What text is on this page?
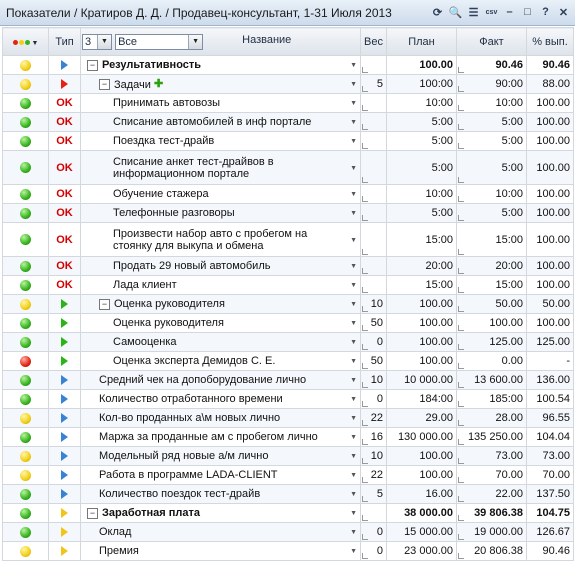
Показатели / Кратиров Д. Д. / Продавец-консультант, 1-31 Июля 2013	⟳ 🔍 ☰	csv –	□	? ✕
▼	Тип	3 ▼ Все ▼ Название	Вес	План	Факт	% вып.
		− Результативность ▼		100.00	90.46	90.46
		− Задачи ✚ ▼	5	100:00	90:00	88.00
	OK	Принимать автовозы ▼		10:00	10:00	100.00
	OK	Списание автомобилей в инф портале ▼		5:00	5:00	100.00
	OK	Поездка тест-драйв ▼		5:00	5:00	100.00
	OK	Списание анкет тест-драйвов в информационном портале ▼		5:00	5:00	100.00
	OK	Обучение стажера ▼		10:00	10:00	100.00
	OK	Телефонные разговоры ▼		5:00	5:00	100.00
	OK	Произвести набор авто с пробегом на стоянку для выкупа и обмена ▼		15:00	15:00	100.00
	OK	Продать 29 новый автомобиль ▼		20:00	20:00	100.00
	OK	Лада клиент ▼		15:00	15:00	100.00
		− Оценка руководителя ▼	10	100.00	50.00	50.00
		Оценка руководителя ▼	50	100.00	100.00	100.00
		Самооценка ▼	0	100.00	125.00	125.00
		Оценка эксперта Демидов С. Е. ▼	50	100.00	0.00	-
		Средний чек на допоборудование лично ▼	10	10 000.00	13 600.00	136.00
		Количество отработанного времени ▼	0	184:00	185:00	100.54
		Кол-во проданных а\м новых лично ▼	22	29.00	28.00	96.55
		Маржа за проданные ам с пробегом лично ▼	16	130 000.00	135 250.00	104.04
		Модельный ряд новые а/м лично ▼	10	100.00	73.00	73.00
		Работа в программе LADA-CLIENT ▼	22	100.00	70.00	70.00
		Количество поездок тест-драйв ▼	5	16.00	22.00	137.50
		− Заработная плата ▼		38 000.00	39 806.38	104.75
		Оклад ▼	0	15 000.00	19 000.00	126.67
		Премия ▼	0	23 000.00	20 806.38	90.46
